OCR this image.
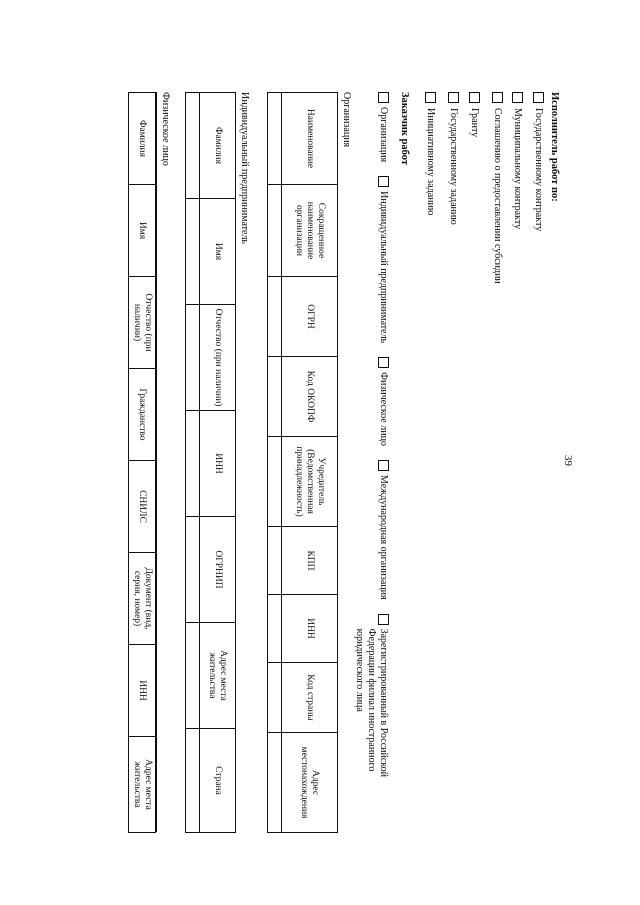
39
Исполнитель работ по:
Государственному контракту
Муниципальному контракту
Соглашению о предоставлении субсидии
Гранту
Государственному заданию
Инициативному заданию
Заказчик работ
Организация
Индивидуальный предприниматель
Физическое лицо
Международная организация
Зарегистрированный в Российской Федерации филиал иностранного юридического лица
Организация
Наименование	Сокращенное наименование организации	ОГРН	Код ОКОПФ	Учредитель (Ведомственная принадлежность)	КПП	ИНН	Код страны	Адрес местонахождения

Индивидуальный предприниматель
Фамилия	Имя	Отчество (при наличии)	ИНН	ОГРНИП	Адрес места жительства	Страна

Физическое лицо
Фамилия	Имя	Отчество (при наличии)	Гражданство	СНИЛС	Документ (вид, серия, номер)	ИНН	Адрес места жительства
